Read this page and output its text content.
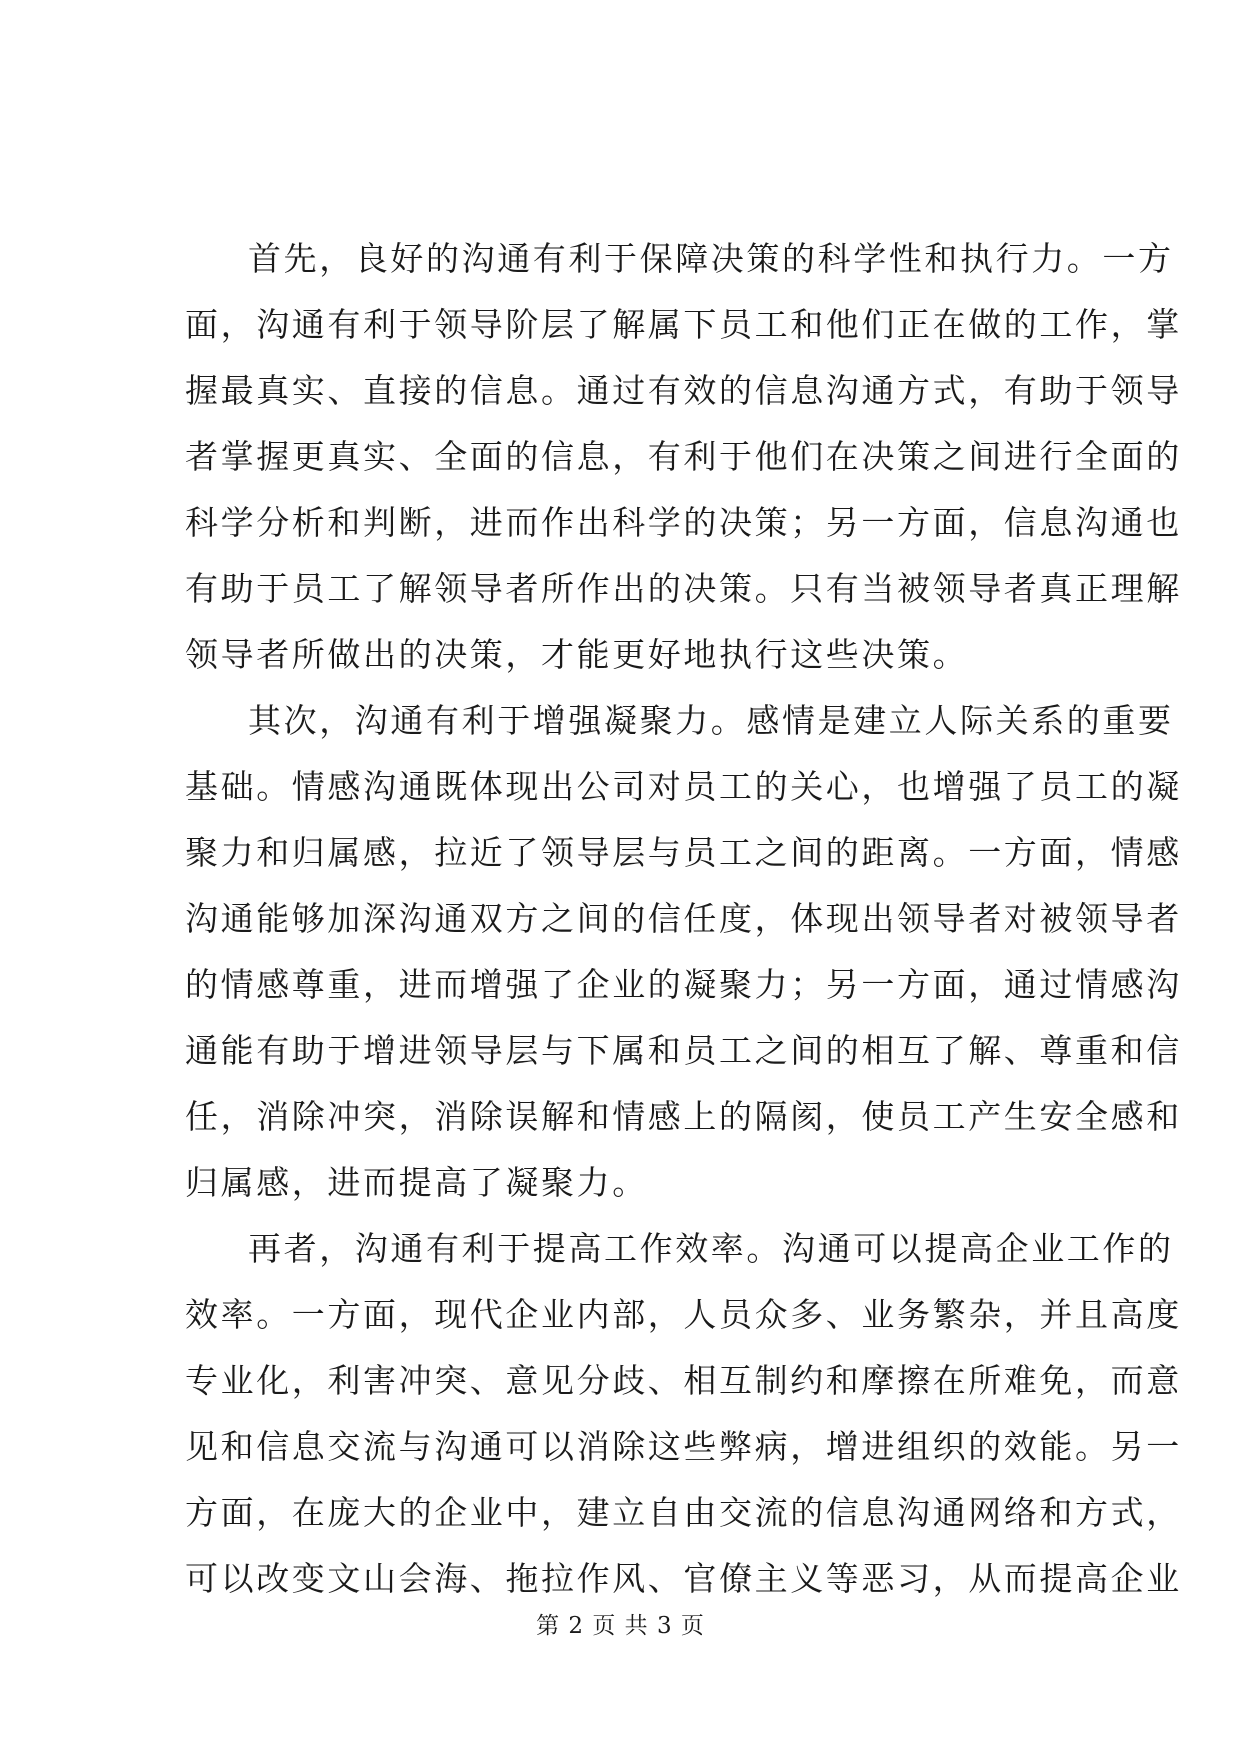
首先，良好的沟通有利于保障决策的科学性和执行力。一方
面，沟通有利于领导阶层了解属下员工和他们正在做的工作，掌
握最真实、直接的信息。通过有效的信息沟通方式，有助于领导
者掌握更真实、全面的信息，有利于他们在决策之间进行全面的
科学分析和判断，进而作出科学的决策；另一方面，信息沟通也
有助于员工了解领导者所作出的决策。只有当被领导者真正理解
领导者所做出的决策，才能更好地执行这些决策。
其次，沟通有利于增强凝聚力。感情是建立人际关系的重要
基础。情感沟通既体现出公司对员工的关心，也增强了员工的凝
聚力和归属感，拉近了领导层与员工之间的距离。一方面，情感
沟通能够加深沟通双方之间的信任度，体现出领导者对被领导者
的情感尊重，进而增强了企业的凝聚力；另一方面，通过情感沟
通能有助于增进领导层与下属和员工之间的相互了解、尊重和信
任，消除冲突，消除误解和情感上的隔阂，使员工产生安全感和
归属感，进而提高了凝聚力。
再者，沟通有利于提高工作效率。沟通可以提高企业工作的
效率。一方面，现代企业内部，人员众多、业务繁杂，并且高度
专业化，利害冲突、意见分歧、相互制约和摩擦在所难免，而意
见和信息交流与沟通可以消除这些弊病，增进组织的效能。另一
方面，在庞大的企业中，建立自由交流的信息沟通网络和方式，
可以改变文山会海、拖拉作风、官僚主义等恶习，从而提高企业
第 2 页 共 3 页
